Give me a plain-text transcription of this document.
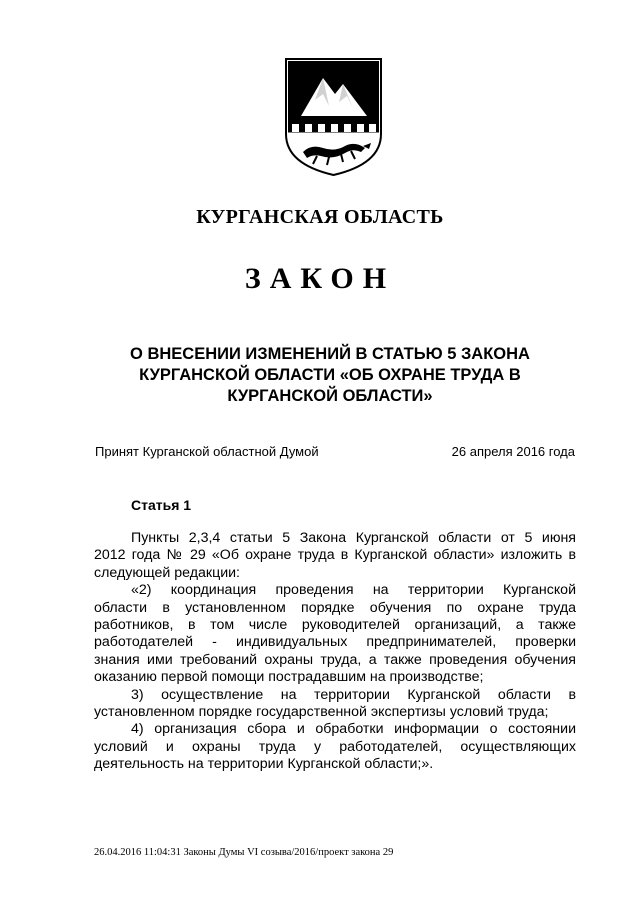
КУРГАНСКАЯ ОБЛАСТЬ
ЗАКОН
О ВНЕСЕНИИ ИЗМЕНЕНИЙ В СТАТЬЮ 5 ЗАКОНА
КУРГАНСКОЙ ОБЛАСТИ «ОБ ОХРАНЕ ТРУДА В
КУРГАНСКОЙ ОБЛАСТИ»
Принят Курганской областной Думой	26 апреля 2016 года
Статья 1
Пункты 2,3,4 статьи 5 Закона Курганской области от 5 июня
2012 года № 29 «Об охране труда в Курганской области» изложить в
следующей редакции:
«2) координация проведения на территории Курганской
области в установленном порядке обучения по охране труда
работников, в том числе руководителей организаций, а также
работодателей - индивидуальных предпринимателей, проверки
знания ими требований охраны труда, а также проведения обучения
оказанию первой помощи пострадавшим на производстве;
3) осуществление на территории Курганской области в
установленном порядке государственной экспертизы условий труда;
4) организация сбора и обработки информации о состоянии
условий и охраны труда у работодателей, осуществляющих
деятельность на территории Курганской области;».
26.04.2016 11:04:31 Законы Думы VI созыва/2016/проект закона 29
